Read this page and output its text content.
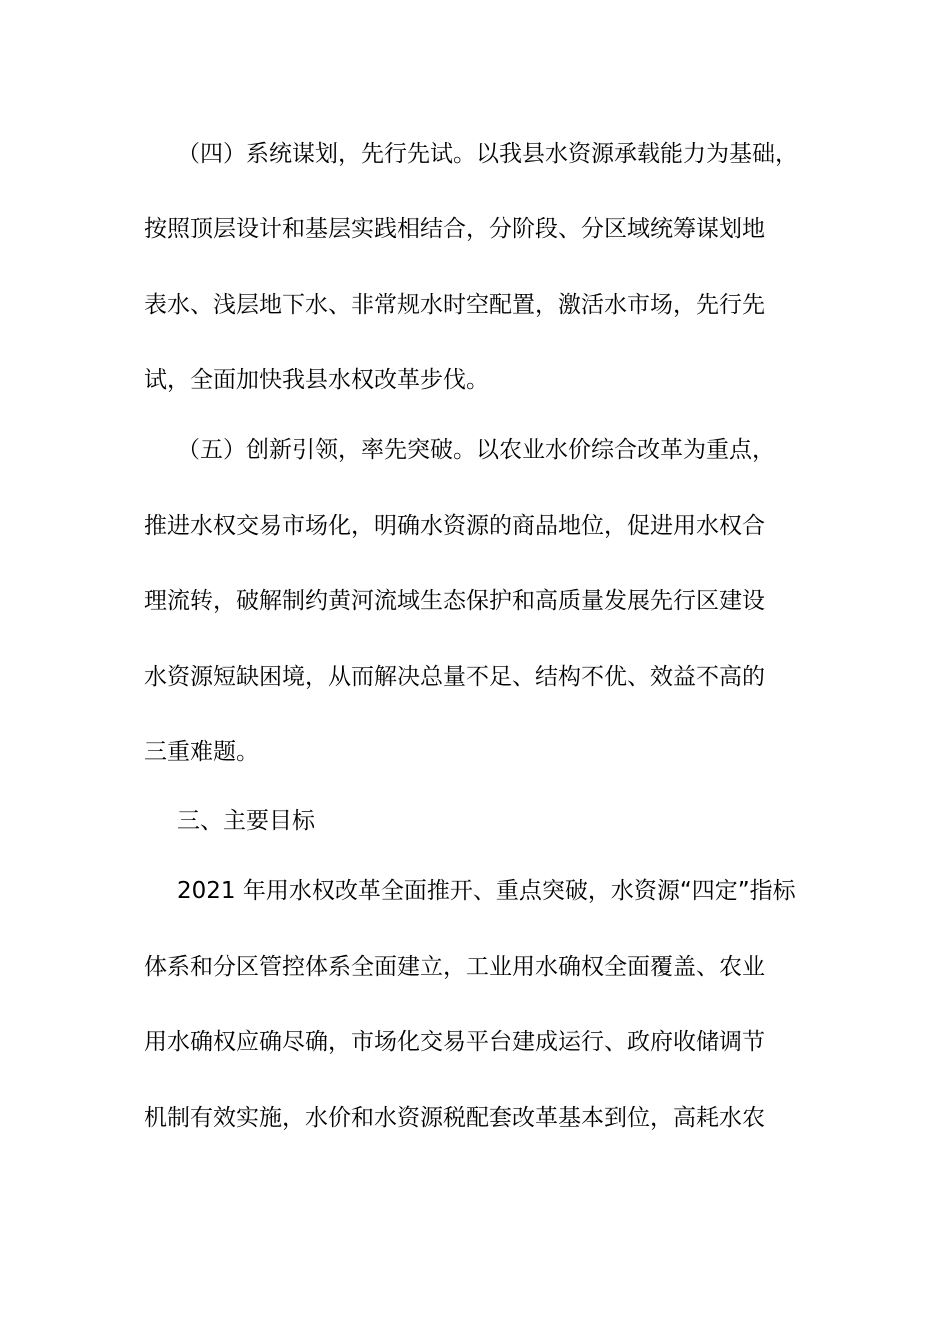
（四）系统谋划，先行先试。以我县水资源承载能力为基础，
按照顶层设计和基层实践相结合，分阶段、分区域统筹谋划地
表水、浅层地下水、非常规水时空配置，激活水市场，先行先
试，全面加快我县水权改革步伐。
（五）创新引领，率先突破。以农业水价综合改革为重点，
推进水权交易市场化，明确水资源的商品地位，促进用水权合
理流转，破解制约黄河流域生态保护和高质量发展先行区建设
水资源短缺困境，从而解决总量不足、结构不优、效益不高的
三重难题。
三、主要目标
2021 年用水权改革全面推开、重点突破，水资源“四定”指标
体系和分区管控体系全面建立，工业用水确权全面覆盖、农业
用水确权应确尽确，市场化交易平台建成运行、政府收储调节
机制有效实施，水价和水资源税配套改革基本到位，高耗水农
